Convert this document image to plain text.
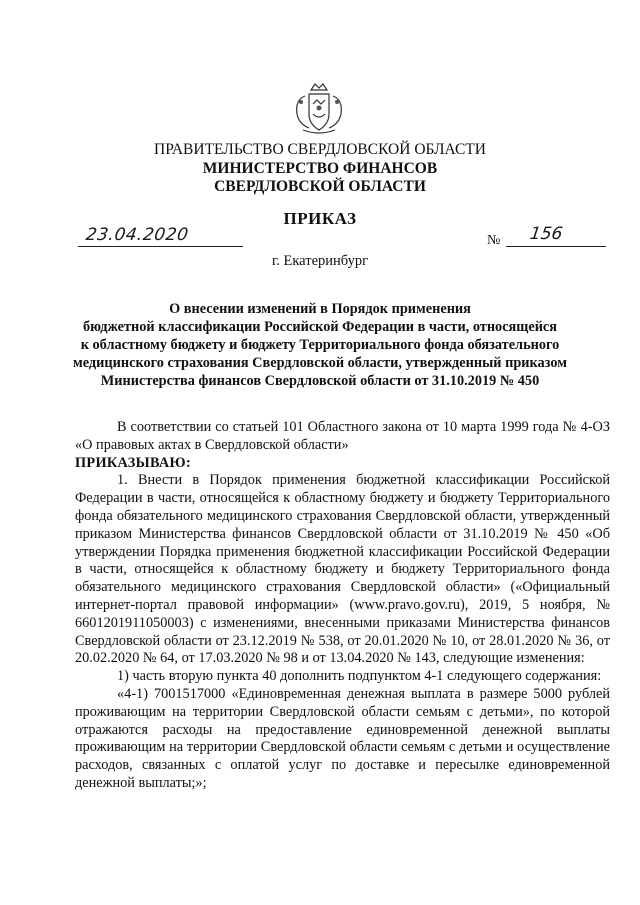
ПРАВИТЕЛЬСТВО СВЕРДЛОВСКОЙ ОБЛАСТИ
МИНИСТЕРСТВО ФИНАНСОВ
СВЕРДЛОВСКОЙ ОБЛАСТИ
ПРИКАЗ
23.04.2020	№ 156
г. Екатеринбург
О внесении изменений в Порядок применения
бюджетной классификации Российской Федерации в части, относящейся
к областному бюджету и бюджету Территориального фонда обязательного
медицинского страхования Свердловской области, утвержденный приказом
Министерства финансов Свердловской области от 31.10.2019 № 450

В соответствии со статьей 101 Областного закона от 10 марта 1999 года № 4-ОЗ «О правовых актах в Свердловской области»

ПРИКАЗЫВАЮ:

1. Внести в Порядок применения бюджетной классификации Российской Федерации в части, относящейся к областному бюджету и бюджету Территориального фонда обязательного медицинского страхования Свердловской области, утвержденный приказом Министерства финансов Свердловской области от 31.10.2019 № 450 «Об утверждении Порядка применения бюджетной классификации Российской Федерации в части, относящейся к областному бюджету и бюджету Территориального фонда обязательного медицинского страхования Свердловской области» («Официальный интернет-портал правовой информации» (www.pravo.gov.ru), 2019, 5 ноября, № 6601201911050003) с изменениями, внесенными приказами Министерства финансов Свердловской области от 23.12.2019 № 538, от 20.01.2020 № 10, от 28.01.2020 № 36, от 20.02.2020 № 64, от 17.03.2020 № 98 и от 13.04.2020 № 143, следующие изменения:

1) часть вторую пункта 40 дополнить подпунктом 4-1 следующего содержания:

«4-1) 7001517000 «Единовременная денежная выплата в размере 5000 рублей проживающим на территории Свердловской области семьям с детьми», по которой отражаются расходы на предоставление единовременной денежной выплаты проживающим на территории Свердловской области семьям с детьми и осуществление расходов, связанных с оплатой услуг по доставке и пересылке единовременной денежной выплаты;»;
